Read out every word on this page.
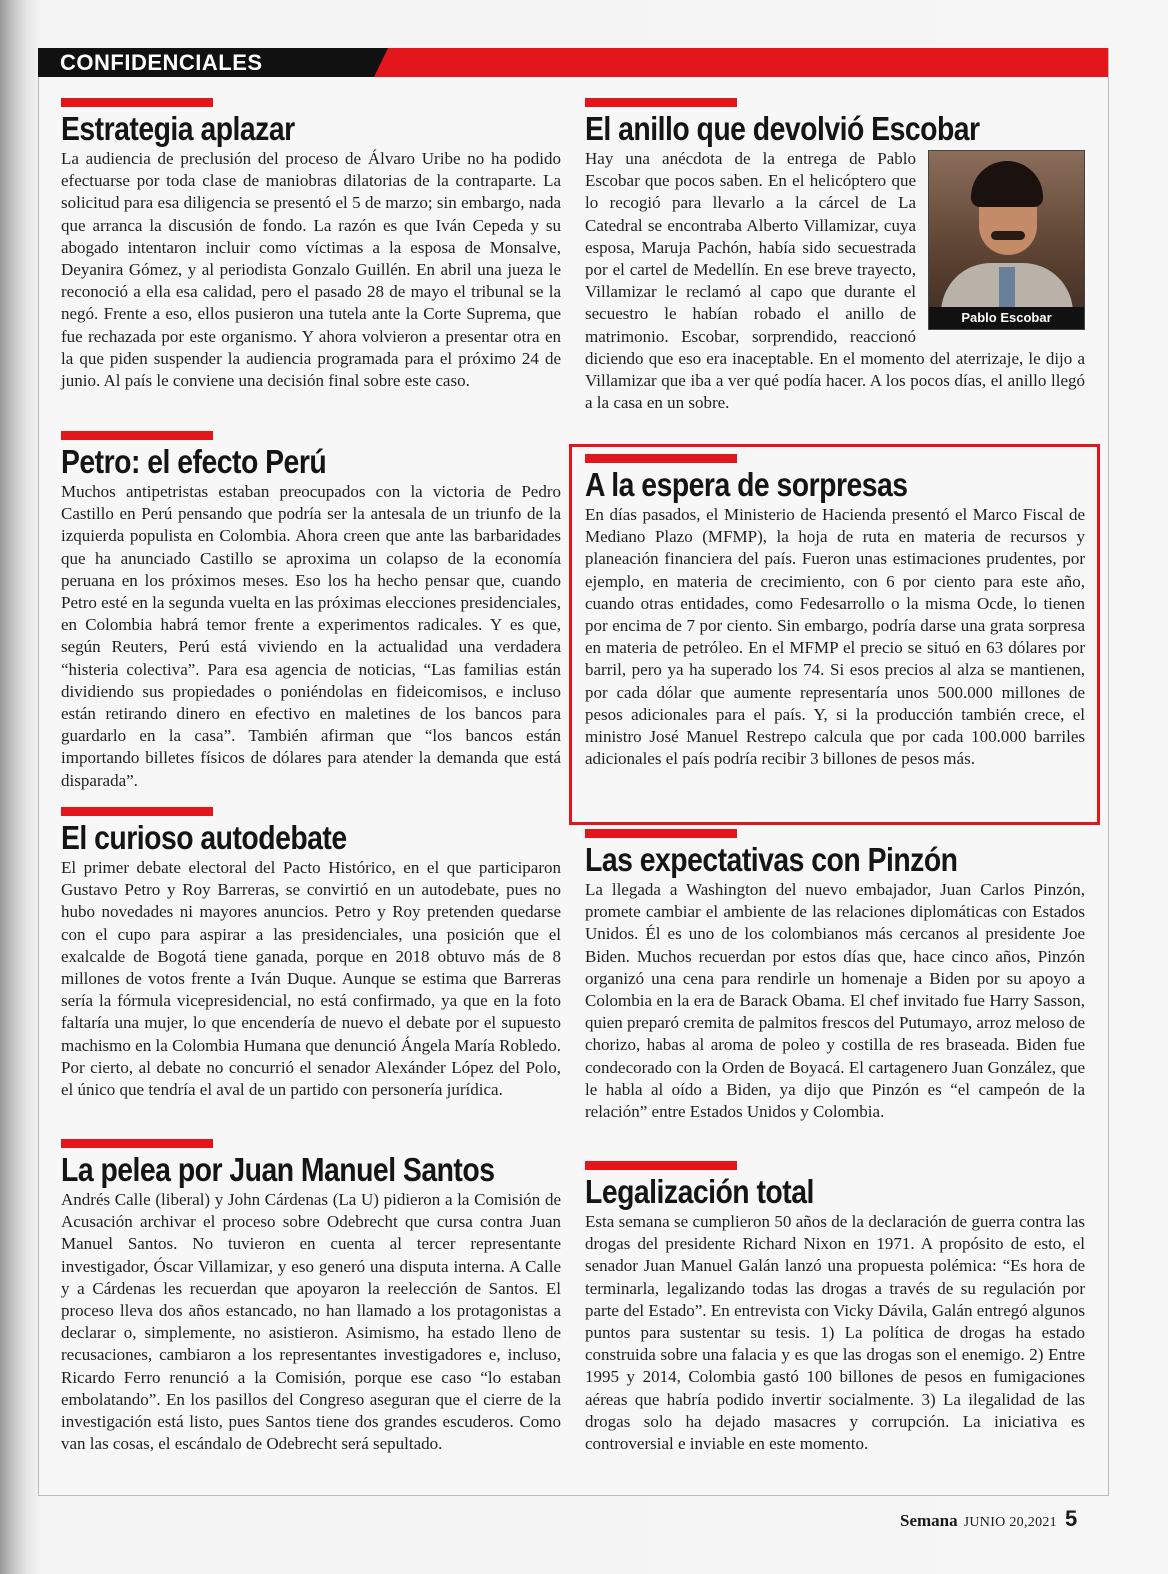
CONFIDENCIALES
Estrategia aplazar

La audiencia de preclusión del proceso de Álvaro Uribe no ha podido efectuarse por toda clase de maniobras dilatorias de la contraparte. La solicitud para esa diligencia se presentó el 5 de marzo; sin embargo, nada que arranca la discusión de fondo. La razón es que Iván Cepeda y su abogado intentaron incluir como víctimas a la esposa de Monsalve, Deyanira Gómez, y al periodista Gonzalo Guillén. En abril una jueza le reconoció a ella esa calidad, pero el pasado 28 de mayo el tribunal se la negó. Frente a eso, ellos pusieron una tutela ante la Corte Suprema, que fue rechazada por este organismo. Y ahora volvieron a presentar otra en la que piden suspender la audiencia programada para el próximo 24 de junio. Al país le conviene una decisión final sobre este caso.

Petro: el efecto Perú

Muchos antipetristas estaban preocupados con la victoria de Pedro Castillo en Perú pensando que podría ser la antesala de un triunfo de la izquierda populista en Colombia. Ahora creen que ante las barbaridades que ha anunciado Castillo se aproxima un colapso de la economía peruana en los próximos meses. Eso los ha hecho pensar que, cuando Petro esté en la segunda vuelta en las próximas elecciones presidenciales, en Colombia habrá temor frente a experimentos radicales. Y es que, según Reuters, Perú está viviendo en la actualidad una verdadera “histeria colectiva”. Para esa agencia de noticias, “Las familias están dividiendo sus propiedades o poniéndolas en fideicomisos, e incluso están retirando dinero en efectivo en maletines de los bancos para guardarlo en la casa”. También afirman que “los bancos están importando billetes físicos de dólares para atender la demanda que está disparada”.

El curioso autodebate

El primer debate electoral del Pacto Histórico, en el que participaron Gustavo Petro y Roy Barreras, se convirtió en un autodebate, pues no hubo novedades ni mayores anuncios. Petro y Roy pretenden quedarse con el cupo para aspirar a las presidenciales, una posición que el exalcalde de Bogotá tiene ganada, porque en 2018 obtuvo más de 8 millones de votos frente a Iván Duque. Aunque se estima que Barreras sería la fórmula vicepresidencial, no está confirmado, ya que en la foto faltaría una mujer, lo que encendería de nuevo el debate por el supuesto machismo en la Colombia Humana que denunció Ángela María Robledo. Por cierto, al debate no concurrió el senador Alexánder López del Polo, el único que tendría el aval de un partido con personería jurídica.

La pelea por Juan Manuel Santos

Andrés Calle (liberal) y John Cárdenas (La U) pidieron a la Comisión de Acusación archivar el proceso sobre Odebrecht que cursa contra Juan Manuel Santos. No tuvieron en cuenta al tercer representante investigador, Óscar Villamizar, y eso generó una disputa interna. A Calle y a Cárdenas les recuerdan que apoyaron la reelección de Santos. El proceso lleva dos años estancado, no han llamado a los protagonistas a declarar o, simplemente, no asistieron. Asimismo, ha estado lleno de recusaciones, cambiaron a los representantes investigadores e, incluso, Ricardo Ferro renunció a la Comisión, porque ese caso “lo estaban embolatando”. En los pasillos del Congreso aseguran que el cierre de la investigación está listo, pues Santos tiene dos grandes escuderos. Como van las cosas, el escándalo de Odebrecht será sepultado.

El anillo que devolvió Escobar
Pablo Escobar

Hay una anécdota de la entrega de Pablo Escobar que pocos saben. En el helicóptero que lo recogió para llevarlo a la cárcel de La Catedral se encontraba Alberto Villamizar, cuya esposa, Maruja Pachón, había sido secuestrada por el cartel de Medellín. En ese breve trayecto, Villamizar le reclamó al capo que durante el secuestro le habían robado el anillo de matrimonio. Escobar, sorprendido, reaccionó diciendo que eso era inaceptable. En el momento del aterrizaje, le dijo a Villamizar que iba a ver qué podía hacer. A los pocos días, el anillo llegó a la casa en un sobre.

A la espera de sorpresas

En días pasados, el Ministerio de Hacienda presentó el Marco Fiscal de Mediano Plazo (MFMP), la hoja de ruta en materia de recursos y planeación financiera del país. Fueron unas estimaciones prudentes, por ejemplo, en materia de crecimiento, con 6 por ciento para este año, cuando otras entidades, como Fedesarrollo o la misma Ocde, lo tienen por encima de 7 por ciento. Sin embargo, podría darse una grata sorpresa en materia de petróleo. En el MFMP el precio se situó en 63 dólares por barril, pero ya ha superado los 74. Si esos precios al alza se mantienen, por cada dólar que aumente representaría unos 500.000 millones de pesos adicionales para el país. Y, si la producción también crece, el ministro José Manuel Restrepo calcula que por cada 100.000 barriles adicionales el país podría recibir 3 billones de pesos más.

Las expectativas con Pinzón

La llegada a Washington del nuevo embajador, Juan Carlos Pinzón, promete cambiar el ambiente de las relaciones diplomáticas con Estados Unidos. Él es uno de los colombianos más cercanos al presidente Joe Biden. Muchos recuerdan por estos días que, hace cinco años, Pinzón organizó una cena para rendirle un homenaje a Biden por su apoyo a Colombia en la era de Barack Obama. El chef invitado fue Harry Sasson, quien preparó cremita de palmitos frescos del Putumayo, arroz meloso de chorizo, habas al aroma de poleo y costilla de res braseada. Biden fue condecorado con la Orden de Boyacá. El cartagenero Juan González, que le habla al oído a Biden, ya dijo que Pinzón es “el campeón de la relación” entre Estados Unidos y Colombia.

Legalización total

Esta semana se cumplieron 50 años de la declaración de guerra contra las drogas del presidente Richard Nixon en 1971. A propósito de esto, el senador Juan Manuel Galán lanzó una propuesta polémica: “Es hora de terminarla, legalizando todas las drogas a través de su regulación por parte del Estado”. En entrevista con Vicky Dávila, Galán entregó algunos puntos para sustentar su tesis. 1) La política de drogas ha estado construida sobre una falacia y es que las drogas son el enemigo. 2) Entre 1995 y 2014, Colombia gastó 100 billones de pesos en fumigaciones aéreas que habría podido invertir socialmente. 3) La ilegalidad de las drogas solo ha dejado masacres y corrupción. La iniciativa es controversial e inviable en este momento.

Semana JUNIO 20,2021 5
